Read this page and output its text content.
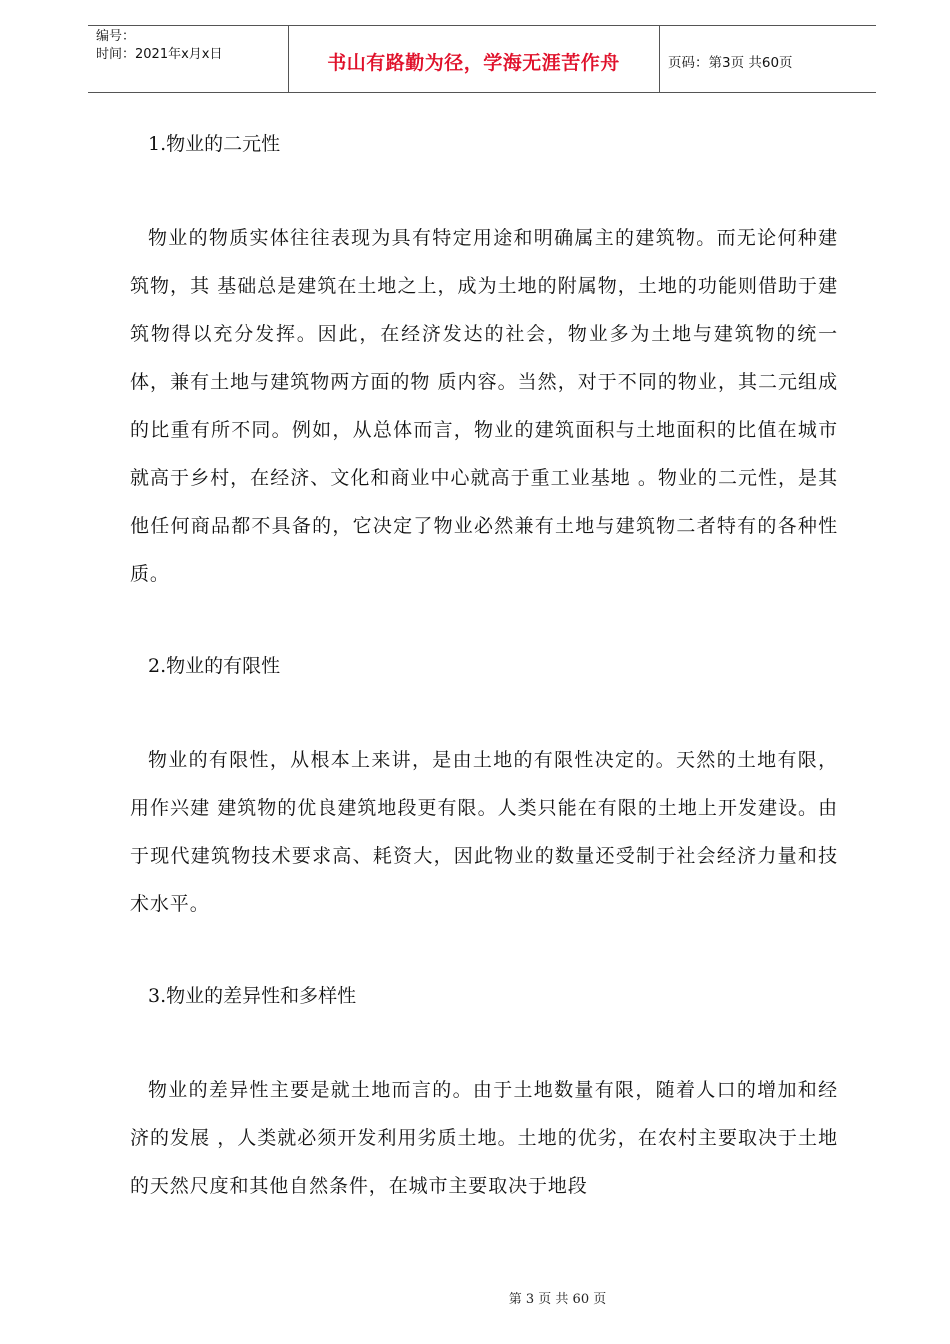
编号：
时间：2021年x月x日	书山有路勤为径，学海无涯苦作舟	页码：第3页 共60页

1.物业的二元性

物业的物质实体往往表现为具有特定用途和明确属主的建筑物。而无论何种建筑物，其 基础总是建筑在土地之上，成为土地的附属物，土地的功能则借助于建筑物得以充分发挥。因此，在经济发达的社会，物业多为土地与建筑物的统一体，兼有土地与建筑物两方面的物 质内容。当然，对于不同的物业，其二元组成的比重有所不同。例如，从总体而言，物业的建筑面积与土地面积的比值在城市就高于乡村，在经济、文化和商业中心就高于重工业基地 。物业的二元性，是其他任何商品都不具备的，它决定了物业必然兼有土地与建筑物二者特有的各种性质。

2.物业的有限性

物业的有限性，从根本上来讲，是由土地的有限性决定的。天然的土地有限，用作兴建 建筑物的优良建筑地段更有限。人类只能在有限的土地上开发建设。由于现代建筑物技术要求高、耗资大，因此物业的数量还受制于社会经济力量和技术水平。

3.物业的差异性和多样性

物业的差异性主要是就土地而言的。由于土地数量有限，随着人口的增加和经济的发展 ，人类就必须开发利用劣质土地。土地的优劣，在农村主要取决于土地的天然尺度和其他自然条件，在城市主要取决于地段

第 3 页 共 60 页
